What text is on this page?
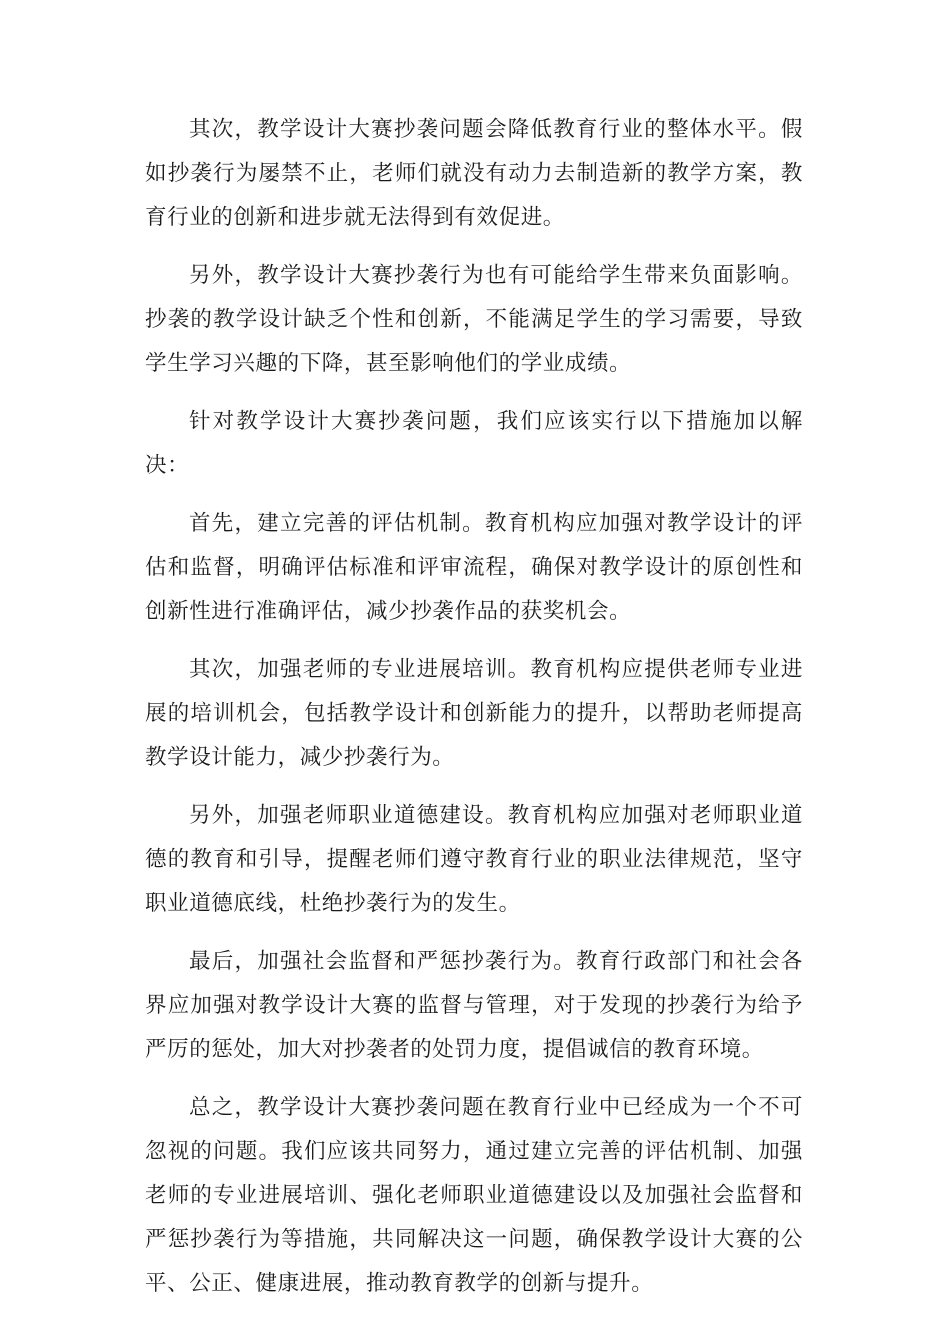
其次，教学设计大赛抄袭问题会降低教育行业的整体水平。假如抄袭行为屡禁不止，老师们就没有动力去制造新的教学方案，教育行业的创新和进步就无法得到有效促进。

另外，教学设计大赛抄袭行为也有可能给学生带来负面影响。抄袭的教学设计缺乏个性和创新，不能满足学生的学习需要，导致学生学习兴趣的下降，甚至影响他们的学业成绩。

针对教学设计大赛抄袭问题，我们应该实行以下措施加以解决：

首先，建立完善的评估机制。教育机构应加强对教学设计的评估和监督，明确评估标准和评审流程，确保对教学设计的原创性和创新性进行准确评估，减少抄袭作品的获奖机会。

其次，加强老师的专业进展培训。教育机构应提供老师专业进展的培训机会，包括教学设计和创新能力的提升，以帮助老师提高教学设计能力，减少抄袭行为。

另外，加强老师职业道德建设。教育机构应加强对老师职业道德的教育和引导，提醒老师们遵守教育行业的职业法律规范，坚守职业道德底线，杜绝抄袭行为的发生。

最后，加强社会监督和严惩抄袭行为。教育行政部门和社会各界应加强对教学设计大赛的监督与管理，对于发现的抄袭行为给予严厉的惩处，加大对抄袭者的处罚力度，提倡诚信的教育环境。

总之，教学设计大赛抄袭问题在教育行业中已经成为一个不可忽视的问题。我们应该共同努力，通过建立完善的评估机制、加强老师的专业进展培训、强化老师职业道德建设以及加强社会监督和严惩抄袭行为等措施，共同解决这一问题，确保教学设计大赛的公平、公正、健康进展，推动教育教学的创新与提升。
